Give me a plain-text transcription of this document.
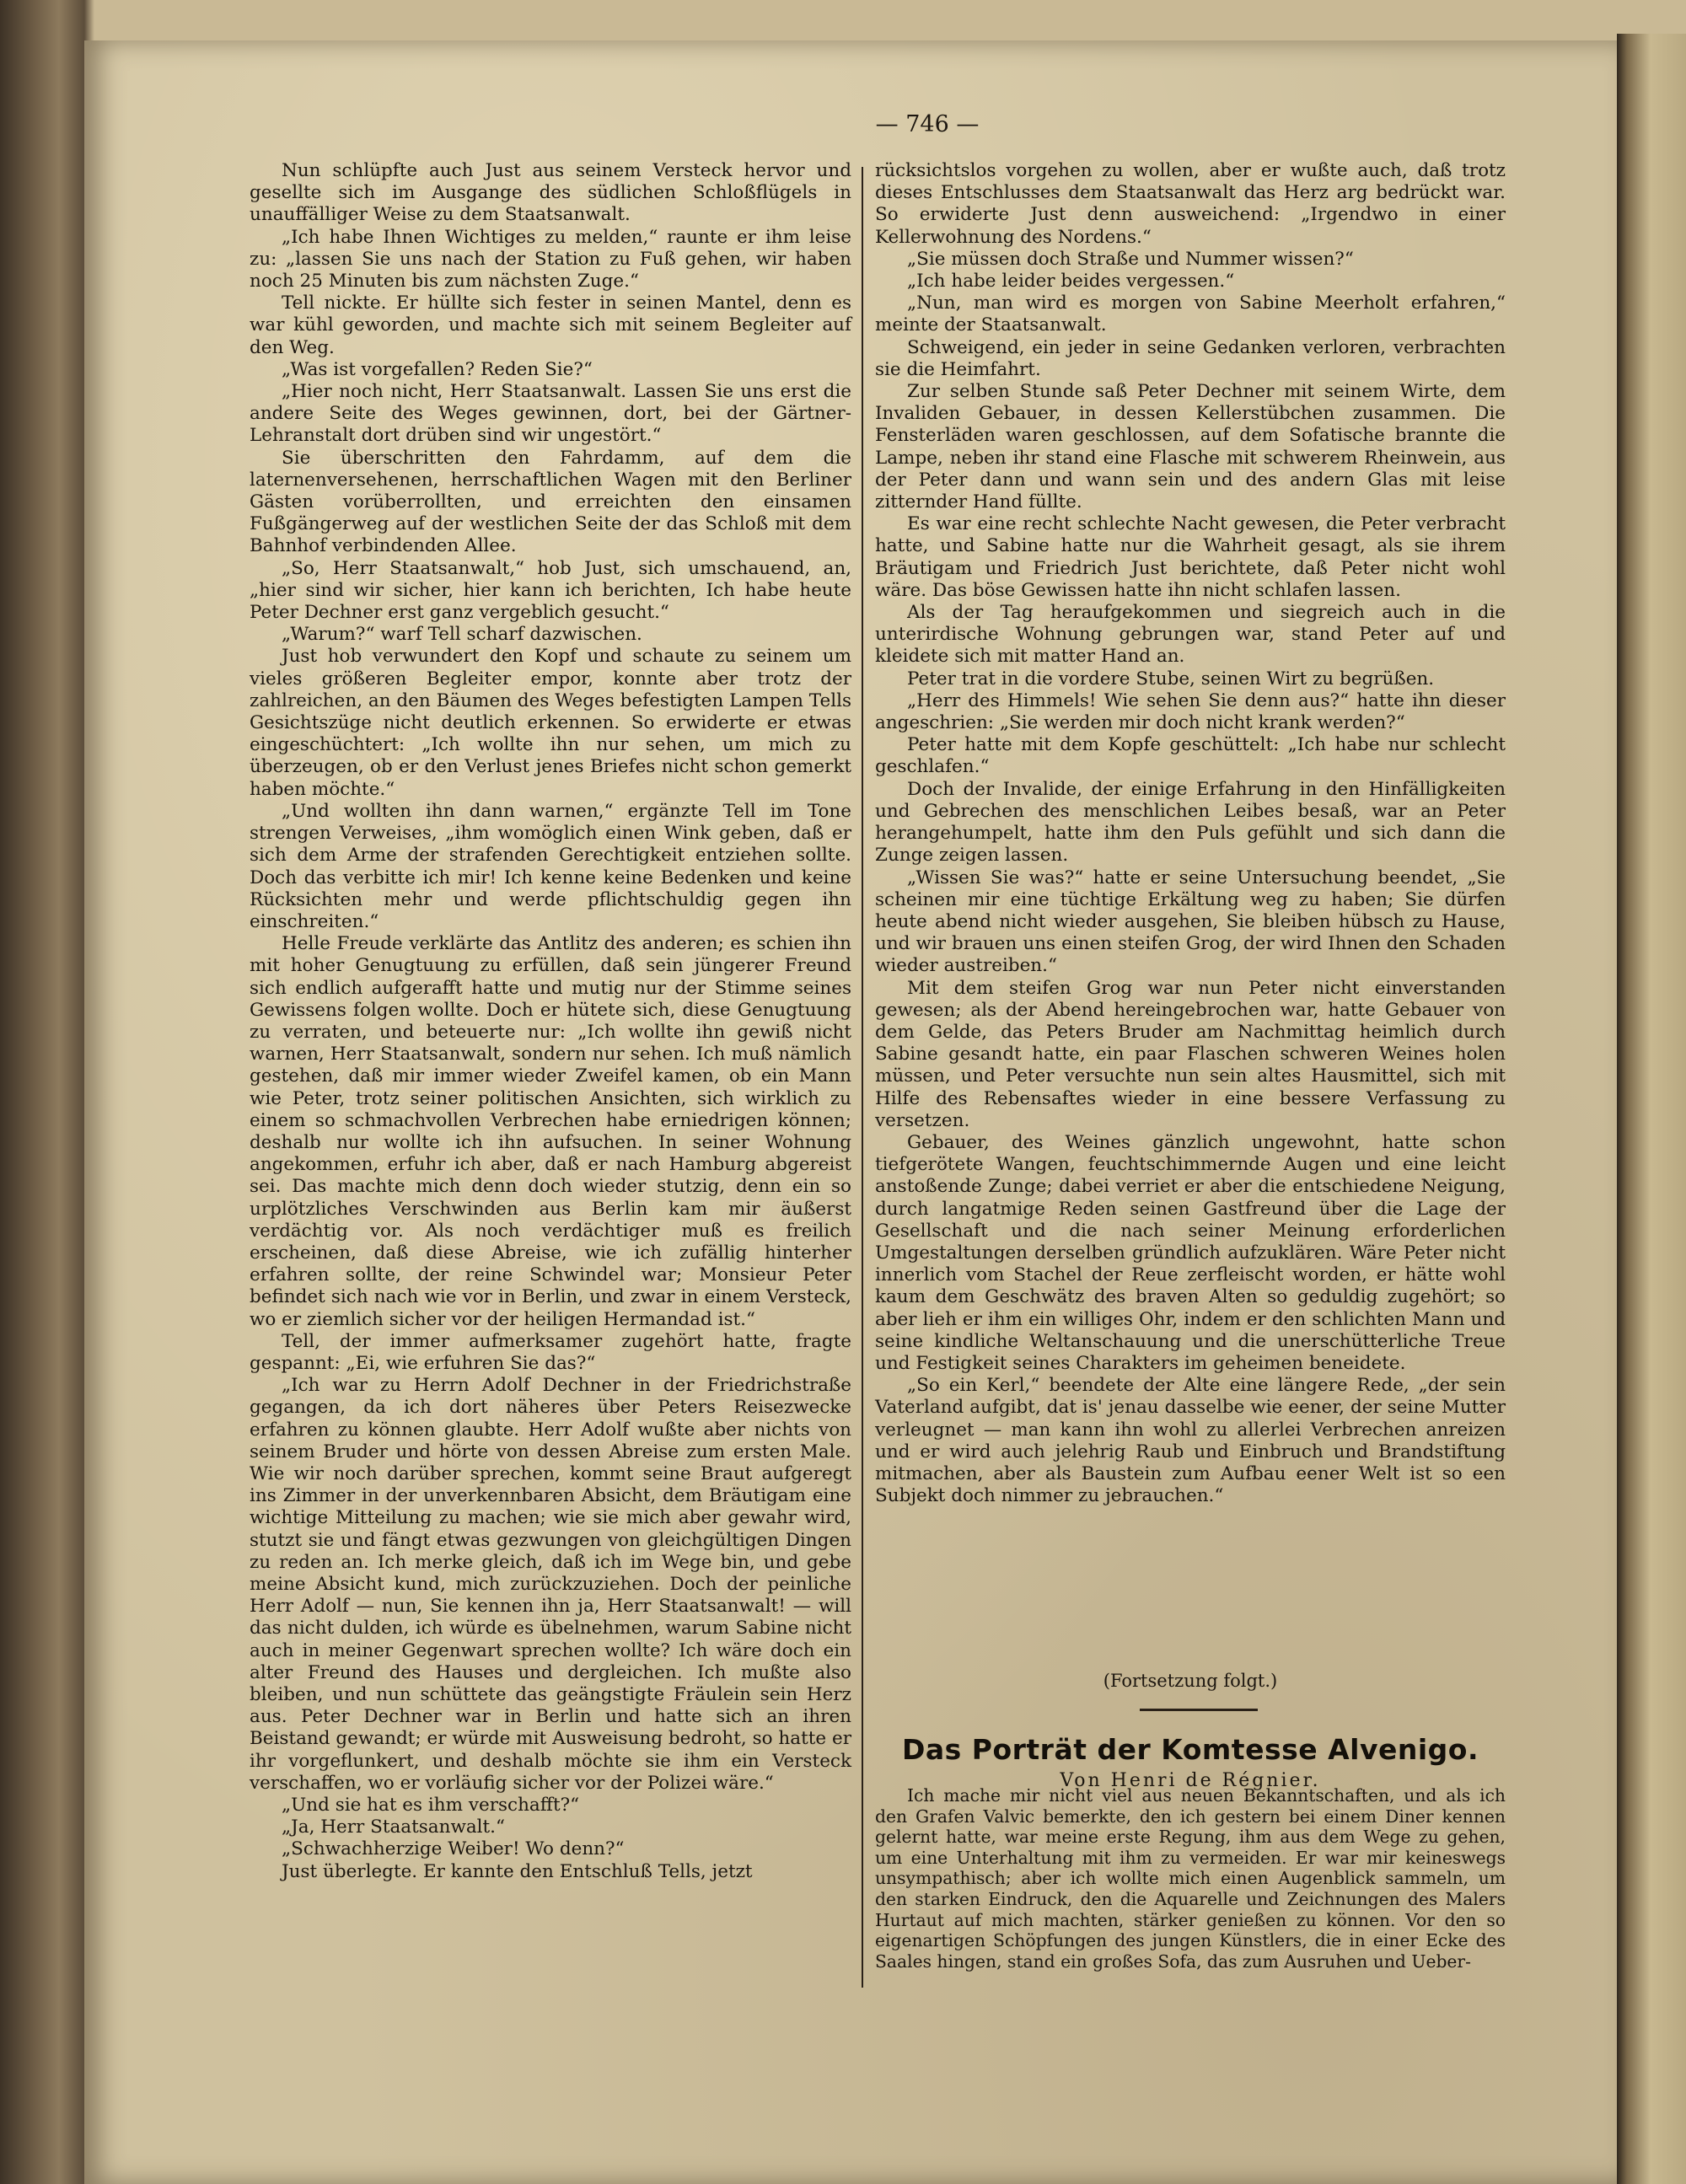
— 746 —

Nun schlüpfte auch Just aus seinem Versteck hervor und gesellte sich im Ausgange des südlichen Schloßflügels in unauffälliger Weise zu dem Staatsanwalt.

„Ich habe Ihnen Wichtiges zu melden,“ raunte er ihm leise zu: „lassen Sie uns nach der Station zu Fuß gehen, wir haben noch 25 Minuten bis zum nächsten Zuge.“

Tell nickte. Er hüllte sich fester in seinen Mantel, denn es war kühl geworden, und machte sich mit seinem Begleiter auf den Weg.

„Was ist vorgefallen? Reden Sie?“

„Hier noch nicht, Herr Staatsanwalt. Lassen Sie uns erst die andere Seite des Weges gewinnen, dort, bei der Gärtner-Lehranstalt dort drüben sind wir ungestört.“

Sie überschritten den Fahrdamm, auf dem die laternenversehenen, herrschaftlichen Wagen mit den Berliner Gästen vorüberrollten, und erreichten den einsamen Fußgängerweg auf der westlichen Seite der das Schloß mit dem Bahnhof verbindenden Allee.

„So, Herr Staatsanwalt,“ hob Just, sich umschauend, an, „hier sind wir sicher, hier kann ich berichten, Ich habe heute Peter Dechner erst ganz vergeblich gesucht.“

„Warum?“ warf Tell scharf dazwischen.

Just hob verwundert den Kopf und schaute zu seinem um vieles größeren Begleiter empor, konnte aber trotz der zahlreichen, an den Bäumen des Weges befestigten Lampen Tells Gesichtszüge nicht deutlich erkennen. So erwiderte er etwas eingeschüchtert: „Ich wollte ihn nur sehen, um mich zu überzeugen, ob er den Verlust jenes Briefes nicht schon gemerkt haben möchte.“

„Und wollten ihn dann warnen,“ ergänzte Tell im Tone strengen Verweises, „ihm womöglich einen Wink geben, daß er sich dem Arme der strafenden Gerechtigkeit entziehen sollte. Doch das verbitte ich mir! Ich kenne keine Bedenken und keine Rücksichten mehr und werde pflichtschuldig gegen ihn einschreiten.“

Helle Freude verklärte das Antlitz des anderen; es schien ihn mit hoher Genugtuung zu erfüllen, daß sein jüngerer Freund sich endlich aufgerafft hatte und mutig nur der Stimme seines Gewissens folgen wollte. Doch er hütete sich, diese Genugtuung zu verraten, und beteuerte nur: „Ich wollte ihn gewiß nicht warnen, Herr Staatsanwalt, sondern nur sehen. Ich muß nämlich gestehen, daß mir immer wieder Zweifel kamen, ob ein Mann wie Peter, trotz seiner politischen Ansichten, sich wirklich zu einem so schmachvollen Verbrechen habe erniedrigen können; deshalb nur wollte ich ihn aufsuchen. In seiner Wohnung angekommen, erfuhr ich aber, daß er nach Hamburg abgereist sei. Das machte mich denn doch wieder stutzig, denn ein so urplötzliches Verschwinden aus Berlin kam mir äußerst verdächtig vor. Als noch verdächtiger muß es freilich erscheinen, daß diese Abreise, wie ich zufällig hinterher erfahren sollte, der reine Schwindel war; Monsieur Peter befindet sich nach wie vor in Berlin, und zwar in einem Versteck, wo er ziemlich sicher vor der heiligen Hermandad ist.“

Tell, der immer aufmerksamer zugehört hatte, fragte gespannt: „Ei, wie erfuhren Sie das?“

„Ich war zu Herrn Adolf Dechner in der Friedrichstraße gegangen, da ich dort näheres über Peters Reisezwecke erfahren zu können glaubte. Herr Adolf wußte aber nichts von seinem Bruder und hörte von dessen Abreise zum ersten Male. Wie wir noch darüber sprechen, kommt seine Braut aufgeregt ins Zimmer in der unverkennbaren Absicht, dem Bräutigam eine wichtige Mitteilung zu machen; wie sie mich aber gewahr wird, stutzt sie und fängt etwas gezwungen von gleichgültigen Dingen zu reden an. Ich merke gleich, daß ich im Wege bin, und gebe meine Absicht kund, mich zurückzuziehen. Doch der peinliche Herr Adolf — nun, Sie kennen ihn ja, Herr Staatsanwalt! — will das nicht dulden, ich würde es übelnehmen, warum Sabine nicht auch in meiner Gegenwart sprechen wollte? Ich wäre doch ein alter Freund des Hauses und dergleichen. Ich mußte also bleiben, und nun schüttete das geängstigte Fräulein sein Herz aus. Peter Dechner war in Berlin und hatte sich an ihren Beistand gewandt; er würde mit Ausweisung bedroht, so hatte er ihr vorgeflunkert, und deshalb möchte sie ihm ein Versteck verschaffen, wo er vorläufig sicher vor der Polizei wäre.“

„Und sie hat es ihm verschafft?“

„Ja, Herr Staatsanwalt.“

„Schwachherzige Weiber! Wo denn?“

Just überlegte. Er kannte den Entschluß Tells, jetzt

rücksichtslos vorgehen zu wollen, aber er wußte auch, daß trotz dieses Entschlusses dem Staatsanwalt das Herz arg bedrückt war. So erwiderte Just denn ausweichend: „Irgendwo in einer Kellerwohnung des Nordens.“

„Sie müssen doch Straße und Nummer wissen?“

„Ich habe leider beides vergessen.“

„Nun, man wird es morgen von Sabine Meerholt erfahren,“ meinte der Staatsanwalt.

Schweigend, ein jeder in seine Gedanken verloren, verbrachten sie die Heimfahrt.

Zur selben Stunde saß Peter Dechner mit seinem Wirte, dem Invaliden Gebauer, in dessen Kellerstübchen zusammen. Die Fensterläden waren geschlossen, auf dem Sofatische brannte die Lampe, neben ihr stand eine Flasche mit schwerem Rheinwein, aus der Peter dann und wann sein und des andern Glas mit leise zitternder Hand füllte.

Es war eine recht schlechte Nacht gewesen, die Peter verbracht hatte, und Sabine hatte nur die Wahrheit gesagt, als sie ihrem Bräutigam und Friedrich Just berichtete, daß Peter nicht wohl wäre. Das böse Gewissen hatte ihn nicht schlafen lassen.

Als der Tag heraufgekommen und siegreich auch in die unterirdische Wohnung gebrungen war, stand Peter auf und kleidete sich mit matter Hand an.

Peter trat in die vordere Stube, seinen Wirt zu begrüßen.

„Herr des Himmels! Wie sehen Sie denn aus?“ hatte ihn dieser angeschrien: „Sie werden mir doch nicht krank werden?“

Peter hatte mit dem Kopfe geschüttelt: „Ich habe nur schlecht geschlafen.“

Doch der Invalide, der einige Erfahrung in den Hinfälligkeiten und Gebrechen des menschlichen Leibes besaß, war an Peter herangehumpelt, hatte ihm den Puls gefühlt und sich dann die Zunge zeigen lassen.

„Wissen Sie was?“ hatte er seine Untersuchung beendet, „Sie scheinen mir eine tüchtige Erkältung weg zu haben; Sie dürfen heute abend nicht wieder ausgehen, Sie bleiben hübsch zu Hause, und wir brauen uns einen steifen Grog, der wird Ihnen den Schaden wieder austreiben.“

Mit dem steifen Grog war nun Peter nicht einverstanden gewesen; als der Abend hereingebrochen war, hatte Gebauer von dem Gelde, das Peters Bruder am Nachmittag heimlich durch Sabine gesandt hatte, ein paar Flaschen schweren Weines holen müssen, und Peter versuchte nun sein altes Hausmittel, sich mit Hilfe des Rebensaftes wieder in eine bessere Verfassung zu versetzen.

Gebauer, des Weines gänzlich ungewohnt, hatte schon tiefgerötete Wangen, feuchtschimmernde Augen und eine leicht anstoßende Zunge; dabei verriet er aber die entschiedene Neigung, durch langatmige Reden seinen Gastfreund über die Lage der Gesellschaft und die nach seiner Meinung erforderlichen Umgestaltungen derselben gründlich aufzuklären. Wäre Peter nicht innerlich vom Stachel der Reue zerfleischt worden, er hätte wohl kaum dem Geschwätz des braven Alten so geduldig zugehört; so aber lieh er ihm ein williges Ohr, indem er den schlichten Mann und seine kindliche Weltanschauung und die unerschütterliche Treue und Festigkeit seines Charakters im geheimen beneidete.

„So ein Kerl,“ beendete der Alte eine längere Rede, „der sein Vaterland aufgibt, dat is' jenau dasselbe wie eener, der seine Mutter verleugnet — man kann ihn wohl zu allerlei Verbrechen anreizen und er wird auch jelehrig Raub und Einbruch und Brandstiftung mitmachen, aber als Baustein zum Aufbau eener Welt ist so een Subjekt doch nimmer zu jebrauchen.“

(Fortsetzung folgt.)
Das Porträt der Komtesse Alvenigo.
Von Henri de Régnier.

Ich mache mir nicht viel aus neuen Bekanntschaften, und als ich den Grafen Valvic bemerkte, den ich gestern bei einem Diner kennen gelernt hatte, war meine erste Regung, ihm aus dem Wege zu gehen, um eine Unterhaltung mit ihm zu vermeiden. Er war mir keineswegs unsympathisch; aber ich wollte mich einen Augenblick sammeln, um den starken Eindruck, den die Aquarelle und Zeichnungen des Malers Hurtaut auf mich machten, stärker genießen zu können. Vor den so eigenartigen Schöpfungen des jungen Künstlers, die in einer Ecke des Saales hingen, stand ein großes Sofa, das zum Ausruhen und Ueber-
